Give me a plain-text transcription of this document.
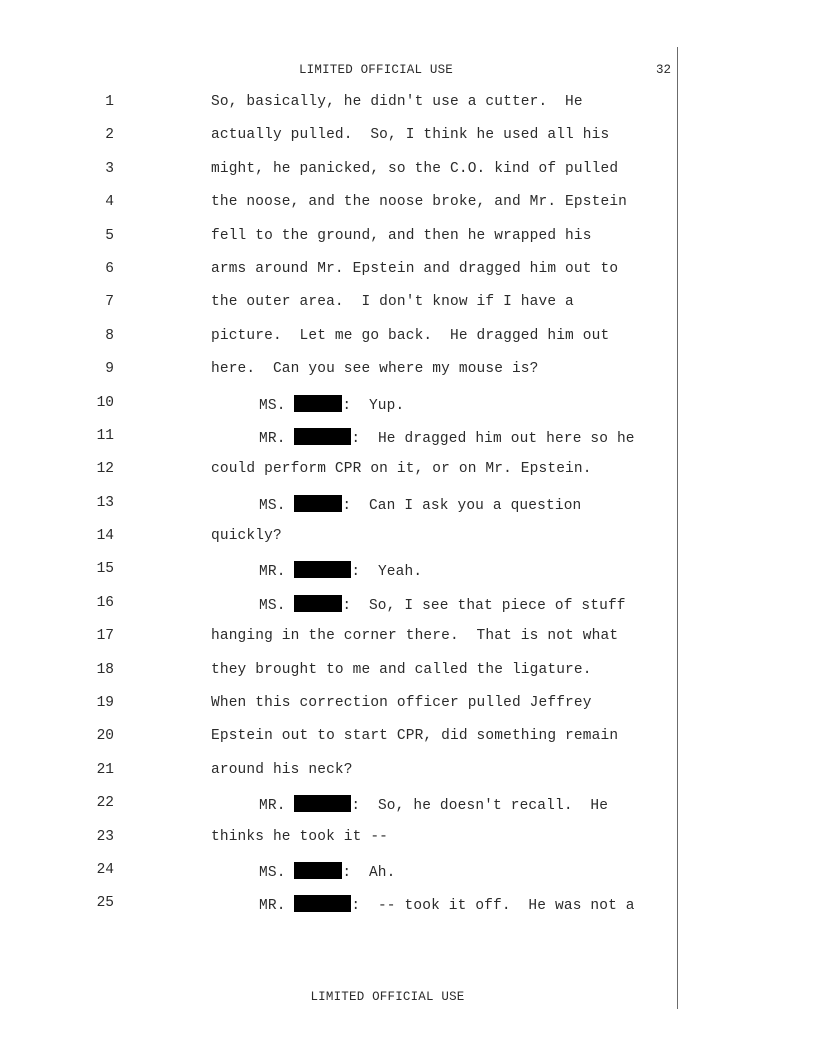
LIMITED OFFICIAL USE	32
1	So, basically, he didn't use a cutter.  He
2	actually pulled.  So, I think he used all his
3	might, he panicked, so the C.O. kind of pulled
4	the noose, and the noose broke, and Mr. Epstein
5	fell to the ground, and then he wrapped his
6	arms around Mr. Epstein and dragged him out to
7	the outer area.  I don't know if I have a
8	picture.  Let me go back.  He dragged him out
9	here.  Can you see where my mouse is?
10	MS.	:  Yup.
11	MR.	:  He dragged him out here so he
12	could perform CPR on it, or on Mr. Epstein.
13	MS.	:  Can I ask you a question
14	quickly?
15	MR.	:  Yeah.
16	MS.	:  So, I see that piece of stuff
17	hanging in the corner there.  That is not what
18	they brought to me and called the ligature.
19	When this correction officer pulled Jeffrey
20	Epstein out to start CPR, did something remain
21	around his neck?
22	MR.	:  So, he doesn't recall.  He
23	thinks he took it --
24	MS.	:  Ah.
25	MR.	:  -- took it off.  He was not a
LIMITED OFFICIAL USE
